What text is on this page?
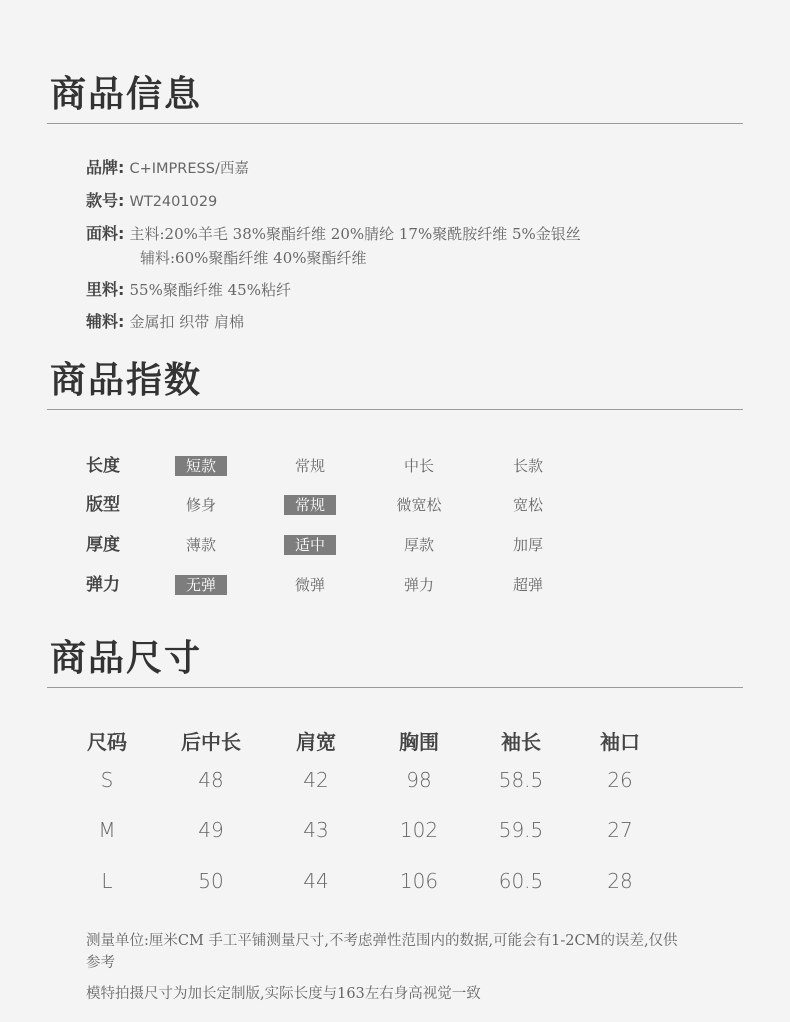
商品信息
品牌: C+IMPRESS/西嘉
款号: WT2401029
面料: 主料:20%羊毛 38%聚酯纤维 20%腈纶 17%聚酰胺纤维 5%金银丝
辅料:60%聚酯纤维 40%聚酯纤维
里料: 55%聚酯纤维 45%粘纤
辅料: 金属扣 织带 肩棉
商品指数
长度	短款	常规	中长	长款
版型	修身	常规	微宽松	宽松
厚度	薄款	适中	厚款	加厚
弹力	无弹	微弹	弹力	超弹
商品尺寸
尺码	后中长	肩宽	胸围	袖长	袖口
S	48	42	98	58.5	26
M	49	43	102	59.5	27
L	50	44	106	60.5	28
测量单位:厘米CM 手工平铺测量尺寸,不考虑弹性范围内的数据,可能会有1-2CM的误差,仅供参考
模特拍摄尺寸为加长定制版,实际长度与163左右身高视觉一致
